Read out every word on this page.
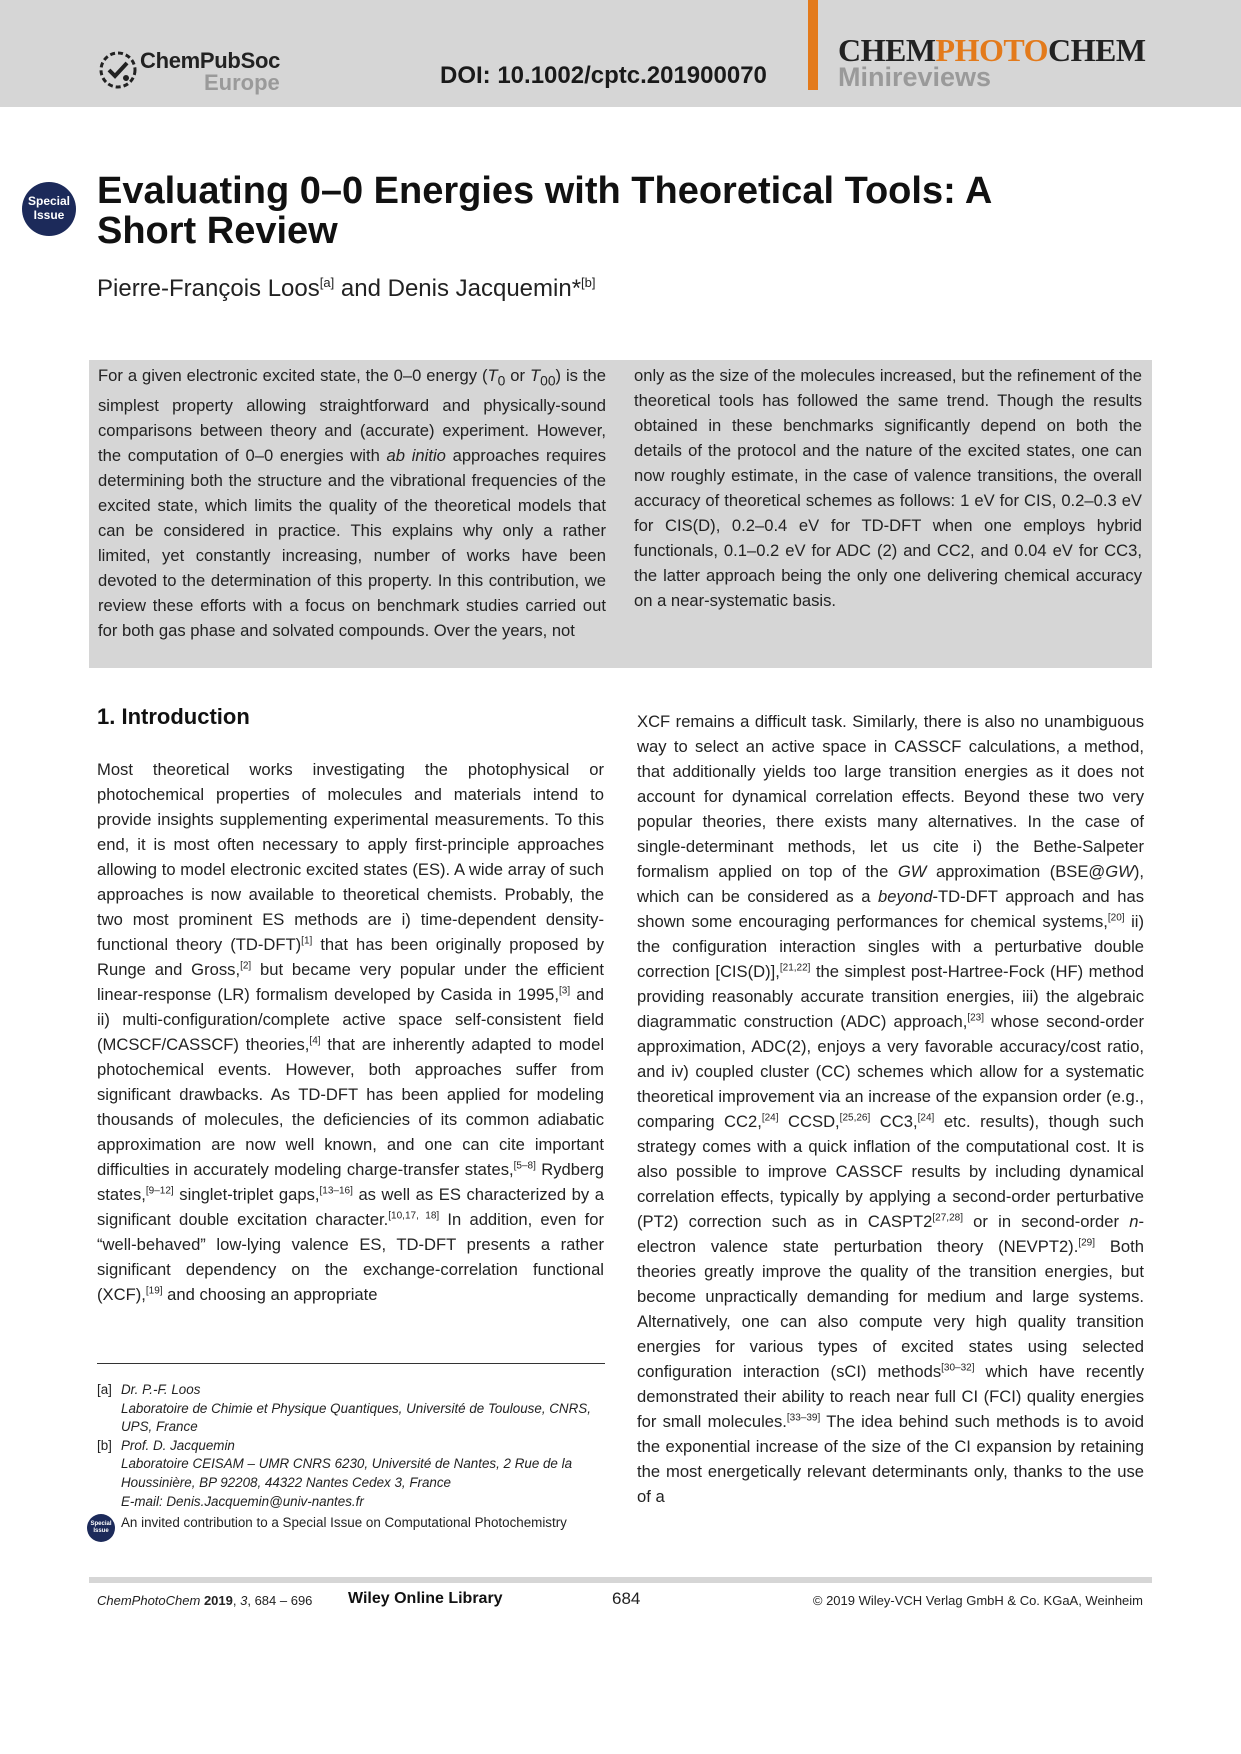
ChemPubSoc
Europe	DOI: 10.1002/cptc.201900070
CHEMPHOTOCHEM
Minireviews
Special
Issue
Evaluating 0–0 Energies with Theoretical Tools: A Short Review
Pierre-François Loos[a] and Denis Jacquemin*[b]

For a given electronic excited state, the 0–0 energy ($T_0$ or $T_{00}$) is the simplest property allowing straightforward and physically-sound comparisons between theory and (accurate) experiment. However, the computation of 0–0 energies with ab initio approaches requires determining both the structure and the vibrational frequencies of the excited state, which limits the quality of the theoretical models that can be considered in practice. This explains why only a rather limited, yet constantly increasing, number of works have been devoted to the determination of this property. In this contribution, we review these efforts with a focus on benchmark studies carried out for both gas phase and solvated compounds. Over the years, not

only as the size of the molecules increased, but the refinement of the theoretical tools has followed the same trend. Though the results obtained in these benchmarks significantly depend on both the details of the protocol and the nature of the excited states, one can now roughly estimate, in the case of valence transitions, the overall accuracy of theoretical schemes as follows: 1 eV for CIS, 0.2–0.3 eV for CIS(D), 0.2–0.4 eV for TD-DFT when one employs hybrid functionals, 0.1–0.2 eV for ADC (2) and CC2, and 0.04 eV for CC3, the latter approach being the only one delivering chemical accuracy on a near-systematic basis.

1. Introduction

Most theoretical works investigating the photophysical or photochemical properties of molecules and materials intend to provide insights supplementing experimental measurements. To this end, it is most often necessary to apply first-principle approaches allowing to model electronic excited states (ES). A wide array of such approaches is now available to theoretical chemists. Probably, the two most prominent ES methods are i) time-dependent density-functional theory (TD-DFT)[1] that has been originally proposed by Runge and Gross,[2] but became very popular under the efficient linear-response (LR) formalism developed by Casida in 1995,[3] and ii) multi-configuration/complete active space self-consistent field (MCSCF/CASSCF) theories,[4] that are inherently adapted to model photochemical events. However, both approaches suffer from significant drawbacks. As TD-DFT has been applied for modeling thousands of molecules, the deficiencies of its common adiabatic approximation are now well known, and one can cite important difficulties in accurately modeling charge-transfer states,[5–8] Rydberg states,[9–12] singlet-triplet gaps,[13–16] as well as ES characterized by a significant double excitation character.[10,17, 18] In addition, even for “well-behaved” low-lying valence ES, TD-DFT presents a rather significant dependency on the exchange-correlation functional (XCF),[19] and choosing an appropriate

XCF remains a difficult task. Similarly, there is also no unambiguous way to select an active space in CASSCF calculations, a method, that additionally yields too large transition energies as it does not account for dynamical correlation effects. Beyond these two very popular theories, there exists many alternatives. In the case of single-determinant methods, let us cite i) the Bethe-Salpeter formalism applied on top of the GW approximation (BSE@GW), which can be considered as a beyond-TD-DFT approach and has shown some encouraging performances for chemical systems,[20] ii) the configuration interaction singles with a perturbative double correction [CIS(D)],[21,22] the simplest post-Hartree-Fock (HF) method providing reasonably accurate transition energies, iii) the algebraic diagrammatic construction (ADC) approach,[23] whose second-order approximation, ADC(2), enjoys a very favorable accuracy/cost ratio, and iv) coupled cluster (CC) schemes which allow for a systematic theoretical improvement via an increase of the expansion order (e.g., comparing CC2,[24] CCSD,[25,26] CC3,[24] etc. results), though such strategy comes with a quick inflation of the computational cost. It is also possible to improve CASSCF results by including dynamical correlation effects, typically by applying a second-order perturbative (PT2) correction such as in CASPT2[27,28] or in second-order n-electron valence state perturbation theory (NEVPT2).[29] Both theories greatly improve the quality of the transition energies, but become unpractically demanding for medium and large systems. Alternatively, one can also compute very high quality transition energies for various types of excited states using selected configuration interaction (sCI) methods[30–32] which have recently demonstrated their ability to reach near full CI (FCI) quality energies for small molecules.[33–39] The idea behind such methods is to avoid the exponential increase of the size of the CI expansion by retaining the most energetically relevant determinants only, thanks to the use of a

[a] Dr. P.-F. Loos
Laboratoire de Chimie et Physique Quantiques, Université de Toulouse, CNRS, UPS, France
[b] Prof. D. Jacquemin
Laboratoire CEISAM – UMR CNRS 6230, Université de Nantes, 2 Rue de la Houssinière, BP 92208, 44322 Nantes Cedex 3, France
E-mail: Denis.Jacquemin@univ-nantes.fr
Special
Issue
An invited contribution to a Special Issue on Computational Photochemistry
ChemPhotoChem 2019, 3, 684 – 696 Wiley Online Library	684	© 2019 Wiley-VCH Verlag GmbH & Co. KGaA, Weinheim
